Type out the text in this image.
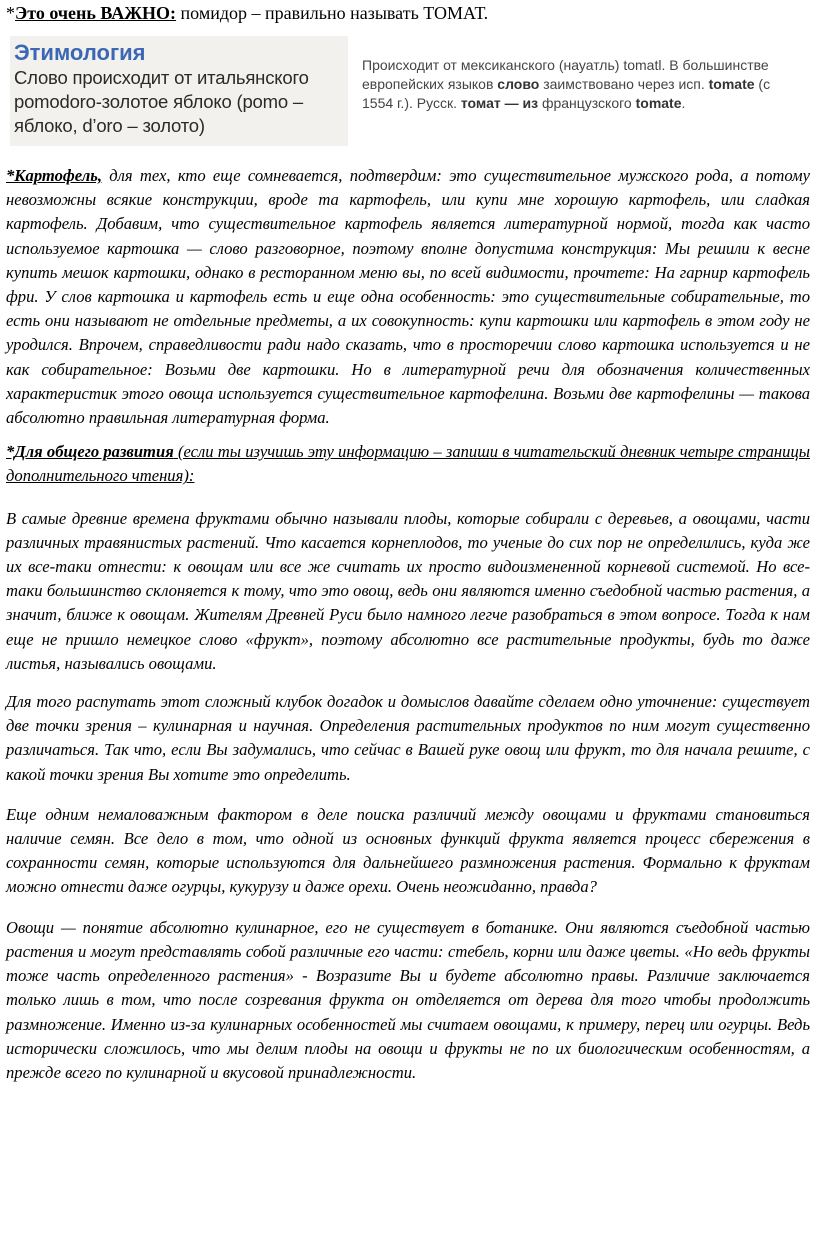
*Это очень ВАЖНО: помидор – правильно называть ТОМАТ.
Этимология
Слово происходит от итальянского pomodoro-золотое яблоко (pomo – яблоко, d’oro – золото)
Происходит от мексиканского (науатль) tomatl. В большинстве европейских языков слово заимствовано через исп. tomate (с 1554 г.). Русск. томат — из французского tomate.

*Картофель, для тех, кто еще сомневается, подтвердим: это существительное мужского рода, а потому невозможны всякие конструкции, вроде та картофель, или купи мне хорошую картофель, или сладкая картофель. Добавим, что существительное картофель является литературной нормой, тогда как часто используемое картошка — слово разговорное, поэтому вполне допустима конструкция: Мы решили к весне купить мешок картошки, однако в ресторанном меню вы, по всей видимости, прочтете: На гарнир картофель фри. У слов картошка и картофель есть и еще одна особенность: это существительные собирательные, то есть они называют не отдельные предметы, а их совокупность: купи картошки или картофель в этом году не уродился. Впрочем, справедливости ради надо сказать, что в просторечии слово картошка используется и не как собирательное: Возьми две картошки. Но в литературной речи для обозначения количественных характеристик этого овоща используется существительное картофелина. Возьми две картофелины — такова абсолютно правильная литературная форма.

*Для общего развития (если ты изучишь эту информацию – запиши в читательский дневник четыре страницы дополнительного чтения):

В самые древние времена фруктами обычно называли плоды, которые собирали с деревьев, а овощами, части различных травянистых растений. Что касается корнеплодов, то ученые до сих пор не определились, куда же их все-таки отнести: к овощам или все же считать их просто видоизмененной корневой системой. Но все-таки большинство склоняется к тому, что это овощ, ведь они являются именно съедобной частью растения, а значит, ближе к овощам. Жителям Древней Руси было намного легче разобраться в этом вопросе. Тогда к нам еще не пришло немецкое слово «фрукт», поэтому абсолютно все растительные продукты, будь то даже листья, назывались овощами.

Для того распутать этот сложный клубок догадок и домыслов давайте сделаем одно уточнение: существует две точки зрения – кулинарная и научная. Определения растительных продуктов по ним могут существенно различаться. Так что, если Вы задумались, что сейчас в Вашей руке овощ или фрукт, то для начала решите, с какой точки зрения Вы хотите это определить.

Еще одним немаловажным фактором в деле поиска различий между овощами и фруктами становиться наличие семян. Все дело в том, что одной из основных функций фрукта является процесс сбережения в сохранности семян, которые используются для дальнейшего размножения растения. Формально к фруктам можно отнести даже огурцы, кукурузу и даже орехи. Очень неожиданно, правда?

Овощи — понятие абсолютно кулинарное, его не существует в ботанике. Они являются съедобной частью растения и могут представлять собой различные его части: стебель, корни или даже цветы. «Но ведь фрукты тоже часть определенного растения» - Возразите Вы и будете абсолютно правы. Различие заключается только лишь в том, что после созревания фрукта он отделяется от дерева для того чтобы продолжить размножение. Именно из-за кулинарных особенностей мы считаем овощами, к примеру, перец или огурцы. Ведь исторически сложилось, что мы делим плоды на овощи и фрукты не по их биологическим особенностям, а прежде всего по кулинарной и вкусовой принадлежности.
